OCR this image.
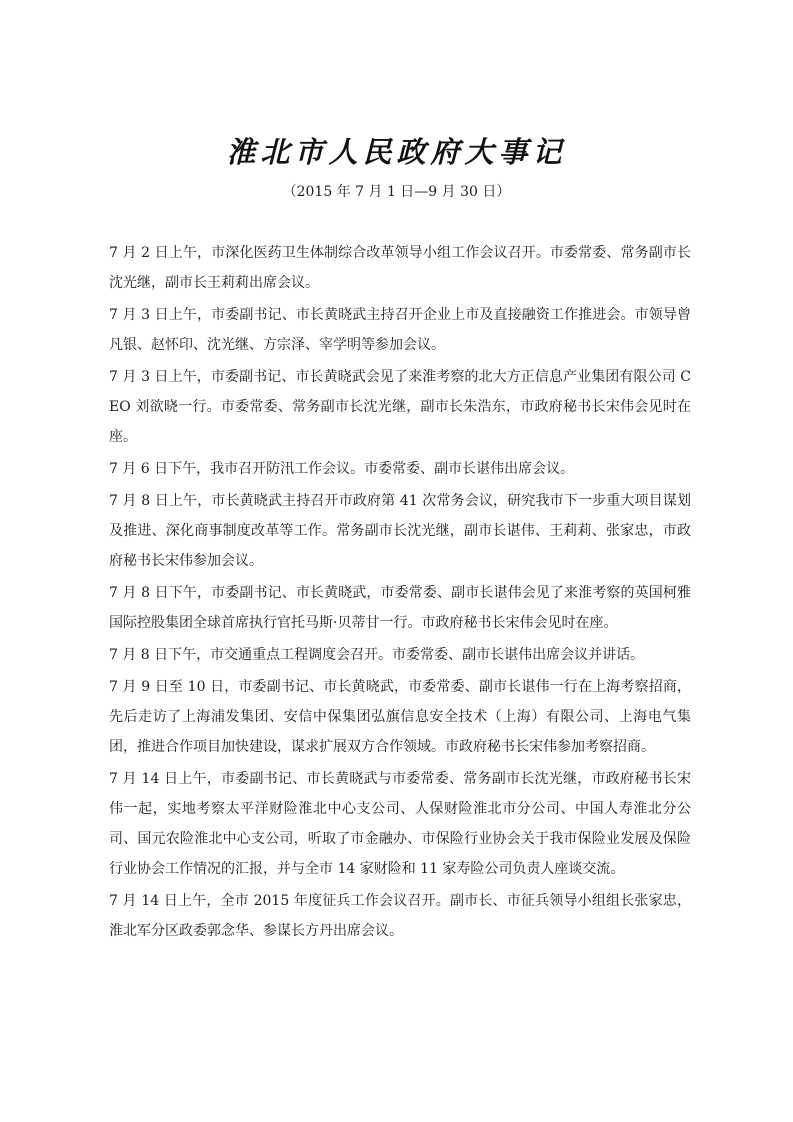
淮北市人民政府大事记

（2015 年 7 月 1 日—9 月 30 日）

7 月 2 日上午，市深化医药卫生体制综合改革领导小组工作会议召开。市委常委、常务副市长沈光继，副市长王莉莉出席会议。
7 月 3 日上午，市委副书记、市长黄晓武主持召开企业上市及直接融资工作推进会。市领导曾凡银、赵怀印、沈光继、方宗泽、宰学明等参加会议。
7 月 3 日上午，市委副书记、市长黄晓武会见了来淮考察的北大方正信息产业集团有限公司 CEO 刘欲晓一行。市委常委、常务副市长沈光继，副市长朱浩东，市政府秘书长宋伟会见时在座。
7 月 6 日下午，我市召开防汛工作会议。市委常委、副市长谌伟出席会议。
7 月 8 日上午，市长黄晓武主持召开市政府第 41 次常务会议，研究我市下一步重大项目谋划及推进、深化商事制度改革等工作。常务副市长沈光继，副市长谌伟、王莉莉、张家忠，市政府秘书长宋伟参加会议。
7 月 8 日下午，市委副书记、市长黄晓武，市委常委、副市长谌伟会见了来淮考察的英国柯雅国际控股集团全球首席执行官托马斯·贝蒂甘一行。市政府秘书长宋伟会见时在座。
7 月 8 日下午，市交通重点工程调度会召开。市委常委、副市长谌伟出席会议并讲话。
7 月 9 日至 10 日，市委副书记、市长黄晓武，市委常委、副市长谌伟一行在上海考察招商，先后走访了上海浦发集团、安信中保集团弘旗信息安全技术（上海）有限公司、上海电气集团，推进合作项目加快建设，谋求扩展双方合作领域。市政府秘书长宋伟参加考察招商。
7 月 14 日上午，市委副书记、市长黄晓武与市委常委、常务副市长沈光继，市政府秘书长宋伟一起，实地考察太平洋财险淮北中心支公司、人保财险淮北市分公司、中国人寿淮北分公司、国元农险淮北中心支公司，听取了市金融办、市保险行业协会关于我市保险业发展及保险行业协会工作情况的汇报，并与全市 14 家财险和 11 家寿险公司负责人座谈交流。
7 月 14 日上午，全市 2015 年度征兵工作会议召开。副市长、市征兵领导小组组长张家忠，淮北军分区政委郭念华、参谋长方丹出席会议。
